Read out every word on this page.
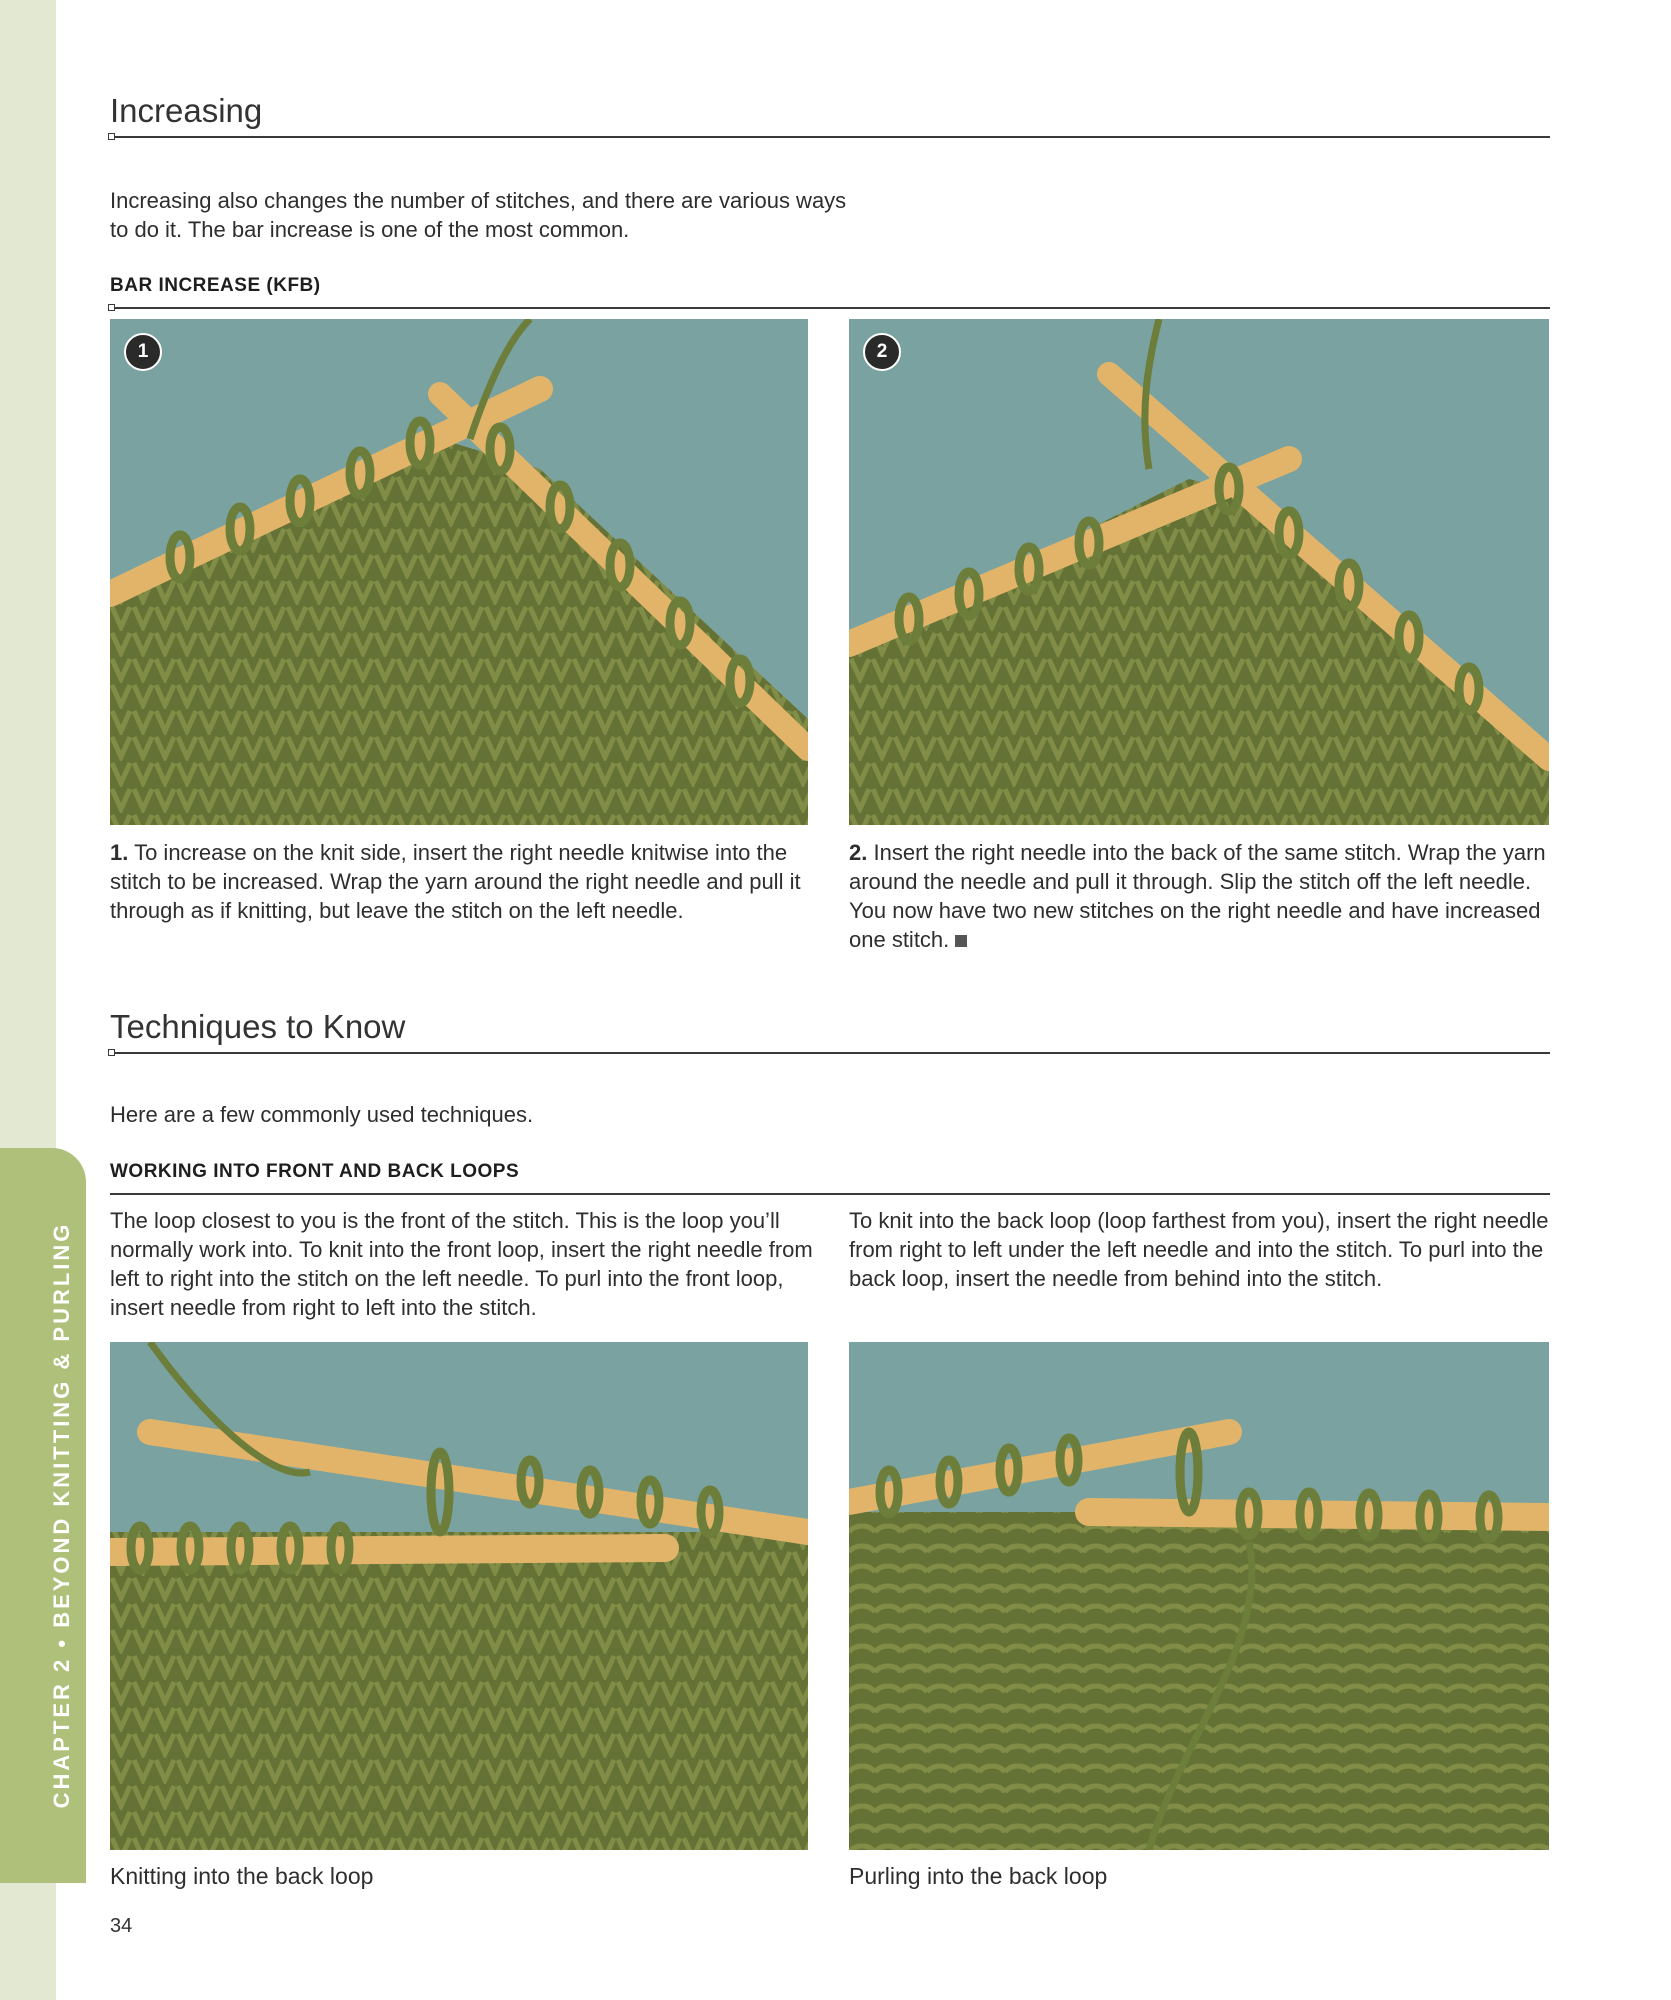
CHAPTER 2 • BEYOND KNITTING & PURLING
Increasing
Increasing also changes the number of stitches, and there are various ways to do it. The bar increase is one of the most common.
BAR INCREASE (KFB)
1	2
1. To increase on the knit side, insert the right needle knitwise into the stitch to be increased. Wrap the yarn around the right needle and pull it through as if knitting, but leave the stitch on the left needle.
2. Insert the right needle into the back of the same stitch. Wrap the yarn around the needle and pull it through. Slip the stitch off the left needle. You now have two new stitches on the right needle and have increased one stitch.
Techniques to Know
Here are a few commonly used techniques.
WORKING INTO FRONT AND BACK LOOPS
The loop closest to you is the front of the stitch. This is the loop you’ll normally work into. To knit into the front loop, insert the right needle from left to right into the stitch on the left needle. To purl into the front loop, insert needle from right to left into the stitch.
To knit into the back loop (loop farthest from you), insert the right needle from right to left under the left needle and into the stitch. To purl into the back loop, insert the needle from behind into the stitch.
Knitting into the back loop	Purling into the back loop
34
